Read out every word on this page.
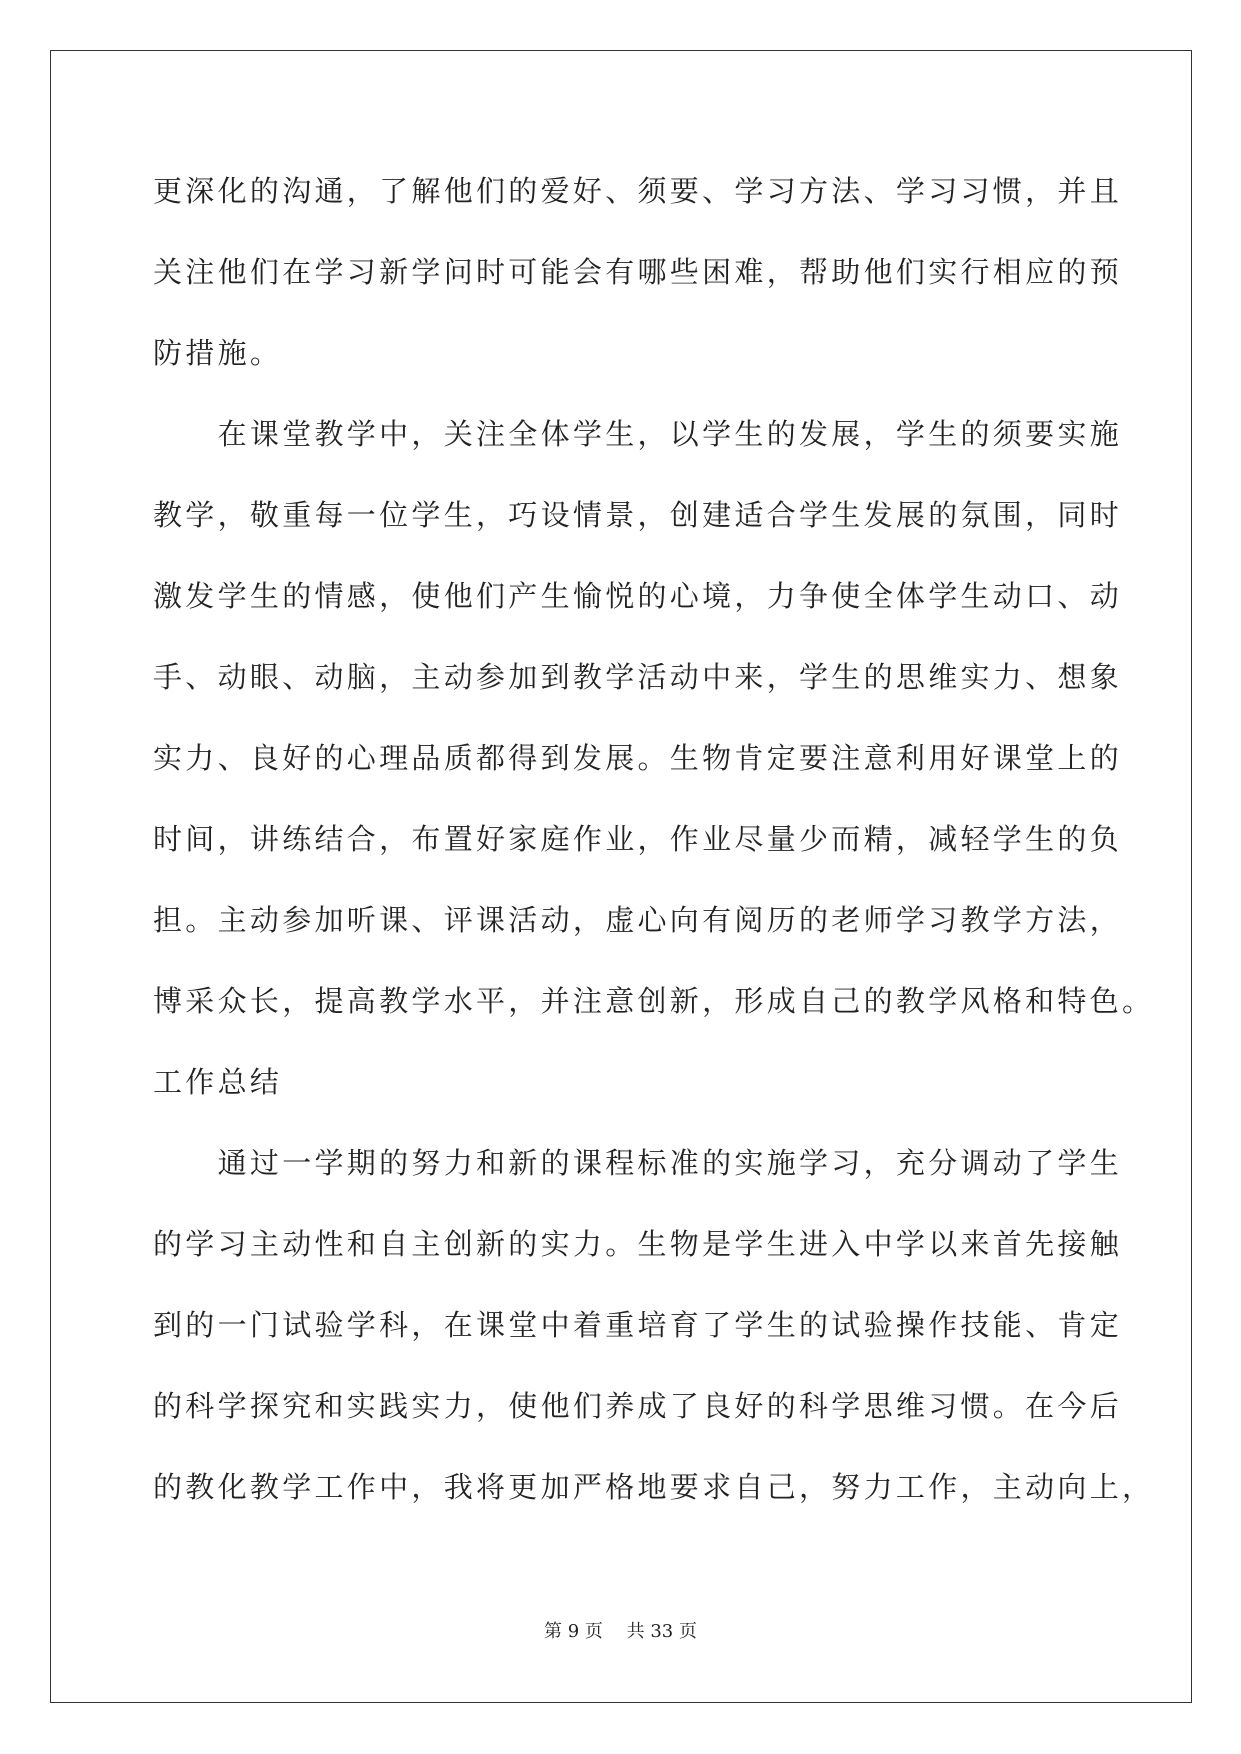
更深化的沟通，了解他们的爱好、须要、学习方法、学习习惯，并且
关注他们在学习新学问时可能会有哪些困难，帮助他们实行相应的预
防措施。
　　在课堂教学中，关注全体学生，以学生的发展，学生的须要实施
教学，敬重每一位学生，巧设情景，创建适合学生发展的氛围，同时
激发学生的情感，使他们产生愉悦的心境，力争使全体学生动口、动
手、动眼、动脑，主动参加到教学活动中来，学生的思维实力、想象
实力、良好的心理品质都得到发展。生物肯定要注意利用好课堂上的
时间，讲练结合，布置好家庭作业，作业尽量少而精，减轻学生的负
担。主动参加听课、评课活动，虚心向有阅历的老师学习教学方法，
博采众长，提高教学水平，并注意创新，形成自己的教学风格和特色。
工作总结
　　通过一学期的努力和新的课程标准的实施学习，充分调动了学生
的学习主动性和自主创新的实力。生物是学生进入中学以来首先接触
到的一门试验学科，在课堂中着重培育了学生的试验操作技能、肯定
的科学探究和实践实力，使他们养成了良好的科学思维习惯。在今后
的教化教学工作中，我将更加严格地要求自己，努力工作，主动向上，
第 9 页　 共 33 页
